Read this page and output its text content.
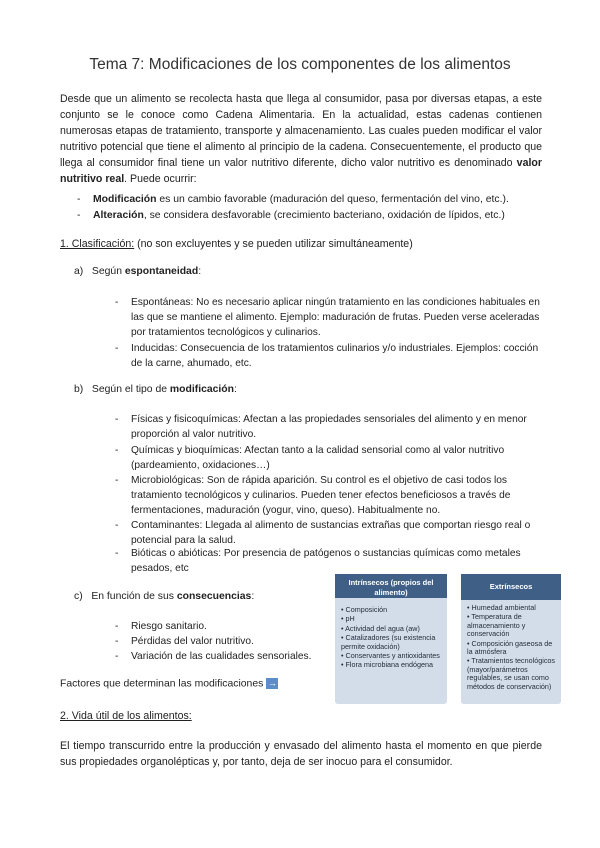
Tema 7: Modificaciones de los componentes de los alimentos

Desde que un alimento se recolecta hasta que llega al consumidor, pasa por diversas etapas, a este conjunto se le conoce como Cadena Alimentaria. En la actualidad, estas cadenas contienen numerosas etapas de tratamiento, transporte y almacenamiento. Las cuales pueden modificar el valor nutritivo potencial que tiene el alimento al principio de la cadena. Consecuentemente, el producto que llega al consumidor final tiene un valor nutritivo diferente, dicho valor nutritivo es denominado valor nutritivo real. Puede ocurrir:

- Modificación es un cambio favorable (maduración del queso, fermentación del vino, etc.).
- Alteración, se considera desfavorable (crecimiento bacteriano, oxidación de lípidos, etc.)
1. Clasificación: (no son excluyentes y se pueden utilizar simultáneamente)
a) Según espontaneidad:
- Espontáneas: No es necesario aplicar ningún tratamiento en las condiciones habituales en las que se mantiene el alimento. Ejemplo: maduración de frutas. Pueden verse aceleradas por tratamientos tecnológicos y culinarios.
- Inducidas: Consecuencia de los tratamientos culinarios y/o industriales. Ejemplos: cocción de la carne, ahumado, etc.
b) Según el tipo de modificación:
- Físicas y fisicoquímicas: Afectan a las propiedades sensoriales del alimento y en menor proporción al valor nutritivo.
- Químicas y bioquímicas: Afectan tanto a la calidad sensorial como al valor nutritivo (pardeamiento, oxidaciones…)
- Microbiológicas: Son de rápida aparición. Su control es el objetivo de casi todos los tratamiento tecnológicos y culinarios. Pueden tener efectos beneficiosos a través de fermentaciones, maduración (yogur, vino, queso). Habitualmente no.
- Contaminantes: Llegada al alimento de sustancias extrañas que comportan riesgo real o potencial para la salud.
- Bióticas o abióticas: Por presencia de patógenos o sustancias químicas como metales pesados, etc
c) En función de sus consecuencias:
- Riesgo sanitario.
- Pérdidas del valor nutritivo.
- Variación de las cualidades sensoriales.
Factores que determinan las modificaciones →
Intrínsecos (propios del alimento)
• Composición
• pH
• Actividad del agua (aw)
• Catalizadores (su existencia permite oxidación)
• Conservantes y antioxidantes
• Flora microbiana endógena
Extrínsecos
• Humedad ambiental
• Temperatura de almacenamiento y conservación
• Composición gaseosa de la atmósfera
• Tratamientos tecnológicos (mayor/parámetros regulables, se usan como métodos de conservación)
2. Vida útil de los alimentos:

El tiempo transcurrido entre la producción y envasado del alimento hasta el momento en que pierde sus propiedades organolépticas y, por tanto, deja de ser inocuo para el consumidor.
